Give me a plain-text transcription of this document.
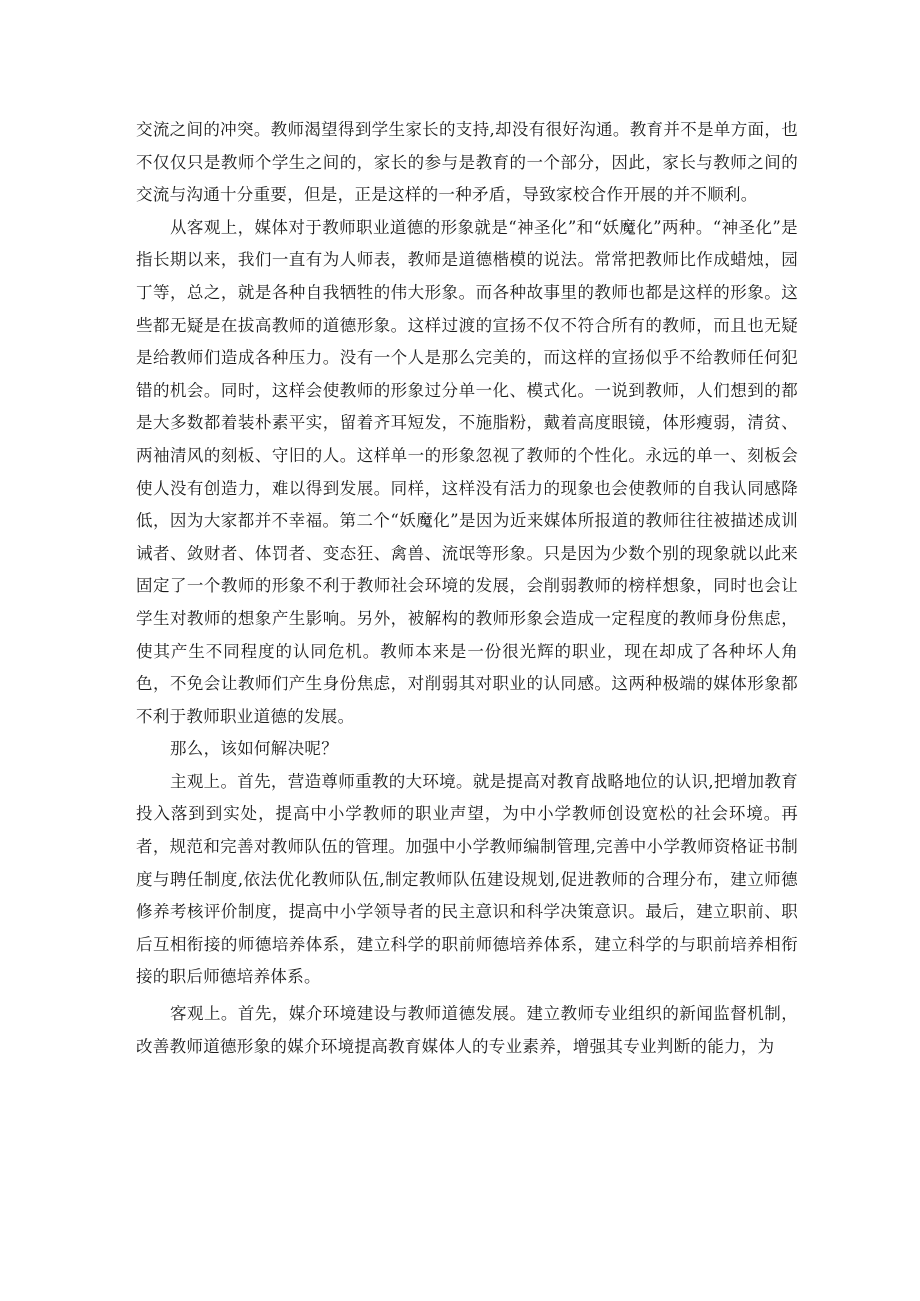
交流之间的冲突。教师渴望得到学生家长的支持,却没有很好沟通。教育并不是单方面，也不仅仅只是教师个学生之间的，家长的参与是教育的一个部分，因此，家长与教师之间的交流与沟通十分重要，但是，正是这样的一种矛盾，导致家校合作开展的并不顺利。

从客观上，媒体对于教师职业道德的形象就是“神圣化”和“妖魔化”两种。“神圣化”是指长期以来，我们一直有为人师表，教师是道德楷模的说法。常常把教师比作成蜡烛，园丁等，总之，就是各种自我牺牲的伟大形象。而各种故事里的教师也都是这样的形象。这些都无疑是在拔高教师的道德形象。这样过渡的宣扬不仅不符合所有的教师，而且也无疑是给教师们造成各种压力。没有一个人是那么完美的，而这样的宣扬似乎不给教师任何犯错的机会。同时，这样会使教师的形象过分单一化、模式化。一说到教师，人们想到的都是大多数都着装朴素平实，留着齐耳短发，不施脂粉，戴着高度眼镜，体形瘦弱，清贫、两袖清风的刻板、守旧的人。这样单一的形象忽视了教师的个性化。永远的单一、刻板会使人没有创造力，难以得到发展。同样，这样没有活力的现象也会使教师的自我认同感降低，因为大家都并不幸福。第二个“妖魔化”是因为近来媒体所报道的教师往往被描述成训诫者、敛财者、体罚者、变态狂、禽兽、流氓等形象。只是因为少数个别的现象就以此来固定了一个教师的形象不利于教师社会环境的发展，会削弱教师的榜样想象，同时也会让学生对教师的想象产生影响。另外，被解构的教师形象会造成一定程度的教师身份焦虑，使其产生不同程度的认同危机。教师本来是一份很光辉的职业，现在却成了各种坏人角色，不免会让教师们产生身份焦虑，对削弱其对职业的认同感。这两种极端的媒体形象都不利于教师职业道德的发展。

那么，该如何解决呢？

主观上。首先，营造尊师重教的大环境。就是提高对教育战略地位的认识,把增加教育投入落到到实处，提高中小学教师的职业声望，为中小学教师创设宽松的社会环境。再者，规范和完善对教师队伍的管理。加强中小学教师编制管理,完善中小学教师资格证书制度与聘任制度,依法优化教师队伍,制定教师队伍建设规划,促进教师的合理分布，建立师德修养考核评价制度，提高中小学领导者的民主意识和科学决策意识。最后，建立职前、职后互相衔接的师德培养体系，建立科学的职前师德培养体系，建立科学的与职前培养相衔接的职后师德培养体系。

客观上。首先，媒介环境建设与教师道德发展。建立教师专业组织的新闻监督机制，改善教师道德形象的媒介环境提高教育媒体人的专业素养，增强其专业判断的能力，为
